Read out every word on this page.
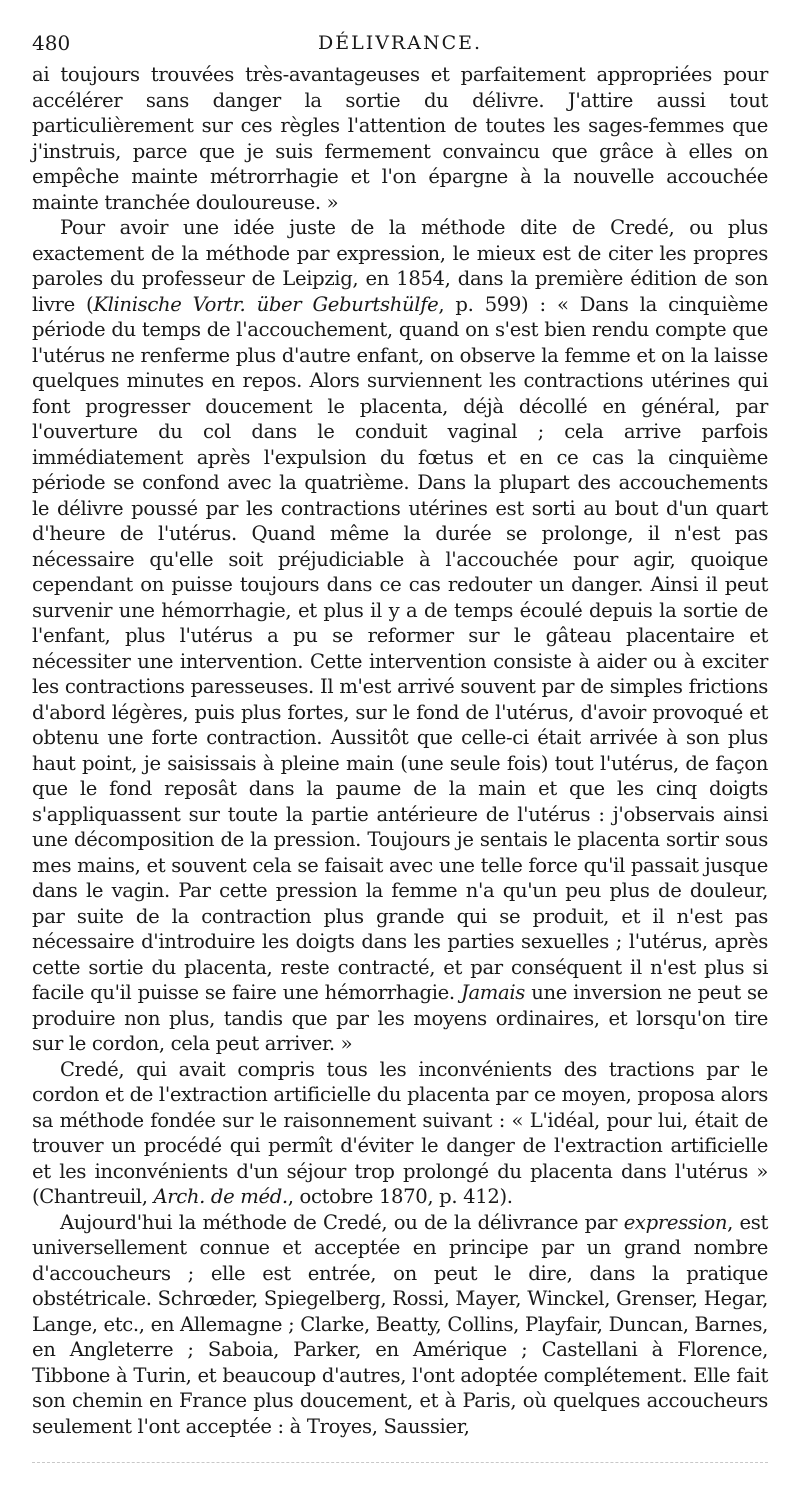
480	DÉLIVRANCE.

ai toujours trouvées très-avantageuses et parfaitement appropriées pour accélérer sans danger la sortie du délivre. J'attire aussi tout particulièrement sur ces règles l'attention de toutes les sages-femmes que j'instruis, parce que je suis fermement convaincu que grâce à elles on empêche mainte métrorrhagie et l'on épargne à la nouvelle accouchée mainte tranchée douloureuse. »

Pour avoir une idée juste de la méthode dite de Credé, ou plus exactement de la méthode par expression, le mieux est de citer les propres paroles du professeur de Leipzig, en 1854, dans la première édition de son livre (Klinische Vortr. über Geburtshülfe, p. 599) : « Dans la cinquième période du temps de l'accouchement, quand on s'est bien rendu compte que l'utérus ne renferme plus d'autre enfant, on observe la femme et on la laisse quelques minutes en repos. Alors surviennent les contractions utérines qui font progresser doucement le placenta, déjà décollé en général, par l'ouverture du col dans le conduit vaginal ; cela arrive parfois immédiatement après l'expulsion du fœtus et en ce cas la cinquième période se confond avec la quatrième. Dans la plupart des accouchements le délivre poussé par les contractions utérines est sorti au bout d'un quart d'heure de l'utérus. Quand même la durée se prolonge, il n'est pas nécessaire qu'elle soit préjudiciable à l'accouchée pour agir, quoique cependant on puisse toujours dans ce cas redouter un danger. Ainsi il peut survenir une hémorrhagie, et plus il y a de temps écoulé depuis la sortie de l'enfant, plus l'utérus a pu se reformer sur le gâteau placentaire et nécessiter une intervention. Cette intervention consiste à aider ou à exciter les contractions paresseuses. Il m'est arrivé souvent par de simples frictions d'abord légères, puis plus fortes, sur le fond de l'utérus, d'avoir provoqué et obtenu une forte contraction. Aussitôt que celle-ci était arrivée à son plus haut point, je saisissais à pleine main (une seule fois) tout l'utérus, de façon que le fond reposât dans la paume de la main et que les cinq doigts s'appliquassent sur toute la partie antérieure de l'utérus : j'observais ainsi une décomposition de la pression. Toujours je sentais le placenta sortir sous mes mains, et souvent cela se faisait avec une telle force qu'il passait jusque dans le vagin. Par cette pression la femme n'a qu'un peu plus de douleur, par suite de la contraction plus grande qui se produit, et il n'est pas nécessaire d'introduire les doigts dans les parties sexuelles ; l'utérus, après cette sortie du placenta, reste contracté, et par conséquent il n'est plus si facile qu'il puisse se faire une hémorrhagie. Jamais une inversion ne peut se produire non plus, tandis que par les moyens ordinaires, et lorsqu'on tire sur le cordon, cela peut arriver. »

Credé, qui avait compris tous les inconvénients des tractions par le cordon et de l'extraction artificielle du placenta par ce moyen, proposa alors sa méthode fondée sur le raisonnement suivant : « L'idéal, pour lui, était de trouver un procédé qui permît d'éviter le danger de l'extraction artificielle et les inconvénients d'un séjour trop prolongé du placenta dans l'utérus » (Chantreuil, Arch. de méd., octobre 1870, p. 412).

Aujourd'hui la méthode de Credé, ou de la délivrance par expression, est universellement connue et acceptée en principe par un grand nombre d'accoucheurs ; elle est entrée, on peut le dire, dans la pratique obstétricale. Schrœder, Spiegelberg, Rossi, Mayer, Winckel, Grenser, Hegar, Lange, etc., en Allemagne ; Clarke, Beatty, Collins, Playfair, Duncan, Barnes, en Angleterre ; Saboia, Parker, en Amérique ; Castellani à Florence, Tibbone à Turin, et beaucoup d'autres, l'ont adoptée complétement. Elle fait son chemin en France plus doucement, et à Paris, où quelques accoucheurs seulement l'ont acceptée : à Troyes, Saussier,
